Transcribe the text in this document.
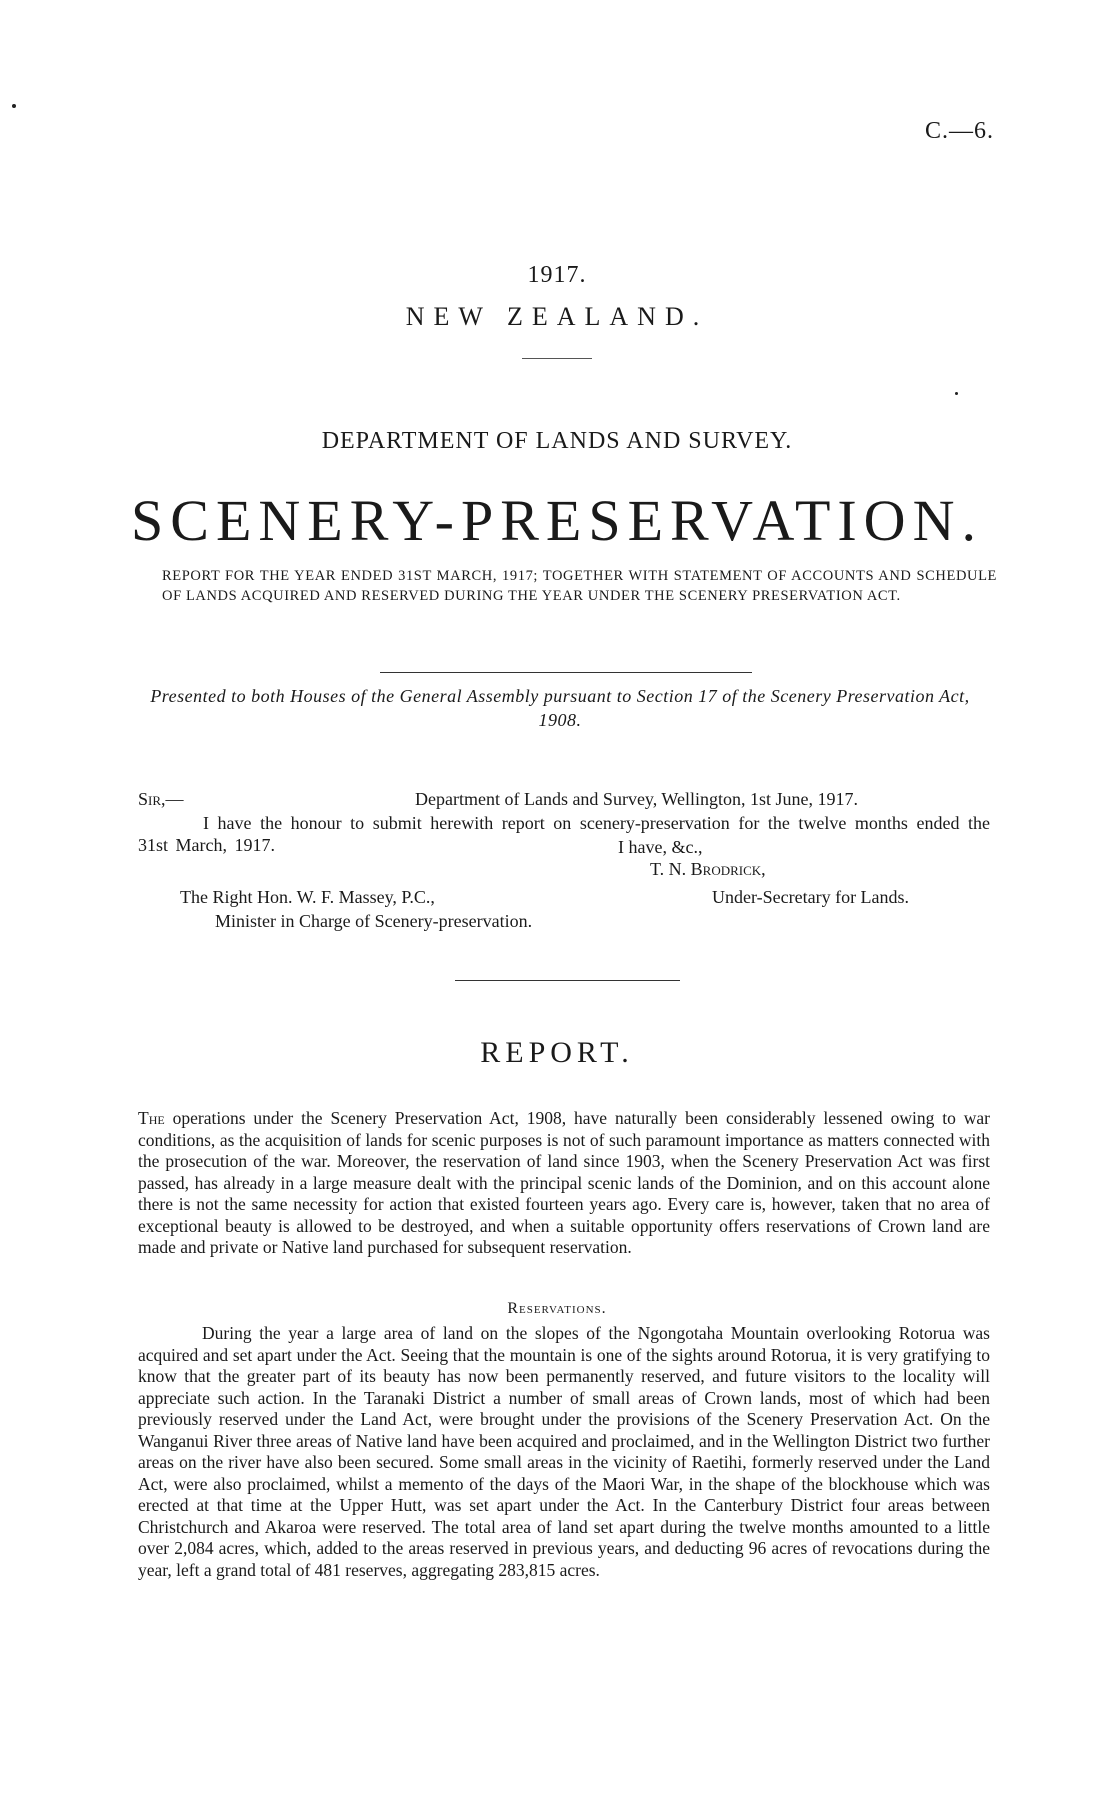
C.—6.
1917.
NEW ZEALAND.
DEPARTMENT OF LANDS AND SURVEY.
SCENERY-PRESERVATION.
REPORT FOR THE YEAR ENDED 31ST MARCH, 1917; TOGETHER WITH STATEMENT OF ACCOUNTS AND SCHEDULE OF LANDS ACQUIRED AND RESERVED DURING THE YEAR UNDER THE SCENERY PRESERVATION ACT.
Presented to both Houses of the General Assembly pursuant to Section 17 of the Scenery Preservation Act, 1908.
Sir,—	Department of Lands and Survey, Wellington, 1st June, 1917.
I have the honour to submit herewith report on scenery-preservation for the twelve months ended the 31st March, 1917.	I have, &c.,
T. N. Brodrick,
The Right Hon. W. F. Massey, P.C.,	Under-Secretary for Lands.
Minister in Charge of Scenery-preservation.
REPORT.
The operations under the Scenery Preservation Act, 1908, have naturally been considerably lessened owing to war conditions, as the acquisition of lands for scenic purposes is not of such paramount importance as matters connected with the prosecution of the war. Moreover, the reservation of land since 1903, when the Scenery Preservation Act was first passed, has already in a large measure dealt with the principal scenic lands of the Dominion, and on this account alone there is not the same necessity for action that existed fourteen years ago. Every care is, however, taken that no area of exceptional beauty is allowed to be destroyed, and when a suitable opportunity offers reservations of Crown land are made and private or Native land purchased for subsequent reservation.
Reservations.
During the year a large area of land on the slopes of the Ngongotaha Mountain overlooking Rotorua was acquired and set apart under the Act. Seeing that the mountain is one of the sights around Rotorua, it is very gratifying to know that the greater part of its beauty has now been permanently reserved, and future visitors to the locality will appreciate such action. In the Taranaki District a number of small areas of Crown lands, most of which had been previously reserved under the Land Act, were brought under the provisions of the Scenery Preservation Act. On the Wanganui River three areas of Native land have been acquired and proclaimed, and in the Wellington District two further areas on the river have also been secured. Some small areas in the vicinity of Raetihi, formerly reserved under the Land Act, were also proclaimed, whilst a memento of the days of the Maori War, in the shape of the blockhouse which was erected at that time at the Upper Hutt, was set apart under the Act. In the Canterbury District four areas between Christchurch and Akaroa were reserved. The total area of land set apart during the twelve months amounted to a little over 2,084 acres, which, added to the areas reserved in previous years, and deducting 96 acres of revocations during the year, left a grand total of 481 reserves, aggregating 283,815 acres.
